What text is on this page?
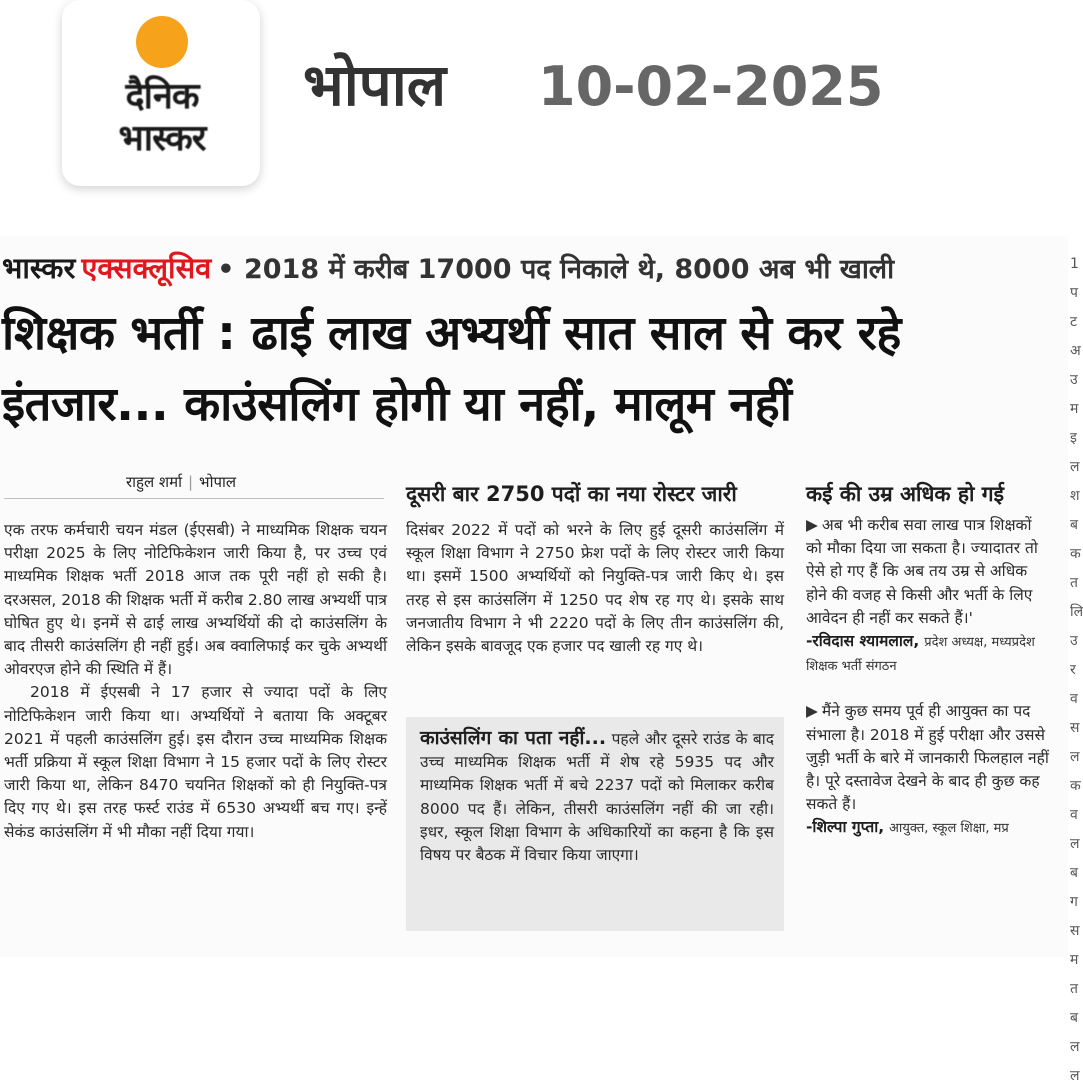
दैनिक
भास्कर
भोपाल 10-02-2025
भास्कर एक्सक्लूसिव • 2018 में करीब 17000 पद निकाले थे, 8000 अब भी खाली
शिक्षक भर्ती : ढाई लाख अभ्यर्थी सात साल से कर रहे इंतजार... काउंसलिंग होगी या नहीं, मालूम नहीं
राहुल शर्मा | भोपाल

एक तरफ कर्मचारी चयन मंडल (ईएसबी) ने माध्यमिक शिक्षक चयन परीक्षा 2025 के लिए नोटिफिकेशन जारी किया है, पर उच्च एवं माध्यमिक शिक्षक भर्ती 2018 आज तक पूरी नहीं हो सकी है। दरअसल, 2018 की शिक्षक भर्ती में करीब 2.80 लाख अभ्यर्थी पात्र घोषित हुए थे। इनमें से ढाई लाख अभ्यर्थियों की दो काउंसलिंग के बाद तीसरी काउंसलिंग ही नहीं हुई। अब क्वालिफाई कर चुके अभ्यर्थी ओवरएज होने की स्थिति में हैं।

2018 में ईएसबी ने 17 हजार से ज्यादा पदों के लिए नोटिफिकेशन जारी किया था। अभ्यर्थियों ने बताया कि अक्टूबर 2021 में पहली काउंसलिंग हुई। इस दौरान उच्च माध्यमिक शिक्षक भर्ती प्रक्रिया में स्कूल शिक्षा विभाग ने 15 हजार पदों के लिए रोस्टर जारी किया था, लेकिन 8470 चयनित शिक्षकों को ही नियुक्ति-पत्र दिए गए थे। इस तरह फर्स्ट राउंड में 6530 अभ्यर्थी बच गए। इन्हें सेकंड काउंसलिंग में भी मौका नहीं दिया गया।

दूसरी बार 2750 पदों का नया रोस्टर जारी

दिसंबर 2022 में पदों को भरने के लिए हुई दूसरी काउंसलिंग में स्कूल शिक्षा विभाग ने 2750 फ्रेश पदों के लिए रोस्टर जारी किया था। इसमें 1500 अभ्यर्थियों को नियुक्ति-पत्र जारी किए थे। इस तरह से इस काउंसलिंग में 1250 पद शेष रह गए थे। इसके साथ जनजातीय विभाग ने भी 2220 पदों के लिए तीन काउंसलिंग की, लेकिन इसके बावजूद एक हजार पद खाली रह गए थे।

काउंसलिंग का पता नहीं... पहले और दूसरे राउंड के बाद उच्च माध्यमिक शिक्षक भर्ती में शेष रहे 5935 पद और माध्यमिक शिक्षक भर्ती में बचे 2237 पदों को मिलाकर करीब 8000 पद हैं। लेकिन, तीसरी काउंसलिंग नहीं की जा रही। इधर, स्कूल शिक्षा विभाग के अधिकारियों का कहना है कि इस विषय पर बैठक में विचार किया जाएगा।
कई की उम्र अधिक हो गई
▶ अब भी करीब सवा लाख पात्र शिक्षकों को मौका दिया जा सकता है। ज्यादातर तो ऐसे हो गए हैं कि अब तय उम्र से अधिक होने की वजह से किसी और भर्ती के लिए आवेदन ही नहीं कर सकते हैं।'
-रविदास श्यामलाल, प्रदेश अध्यक्ष, मध्यप्रदेश शिक्षक भर्ती संगठन
▶ मैंने कुछ समय पूर्व ही आयुक्त का पद संभाला है। 2018 में हुई परीक्षा और उससे जुड़ी भर्ती के बारे में जानकारी फिलहाल नहीं है। पूरे दस्तावेज देखने के बाद ही कुछ कह सकते हैं।
-शिल्पा गुप्ता, आयुक्त, स्कूल शिक्षा, मप्र
1 प ट अ उ म इ ल श ब क त लि उ र व स ल क व ल ब ग स म त ब ल ल
